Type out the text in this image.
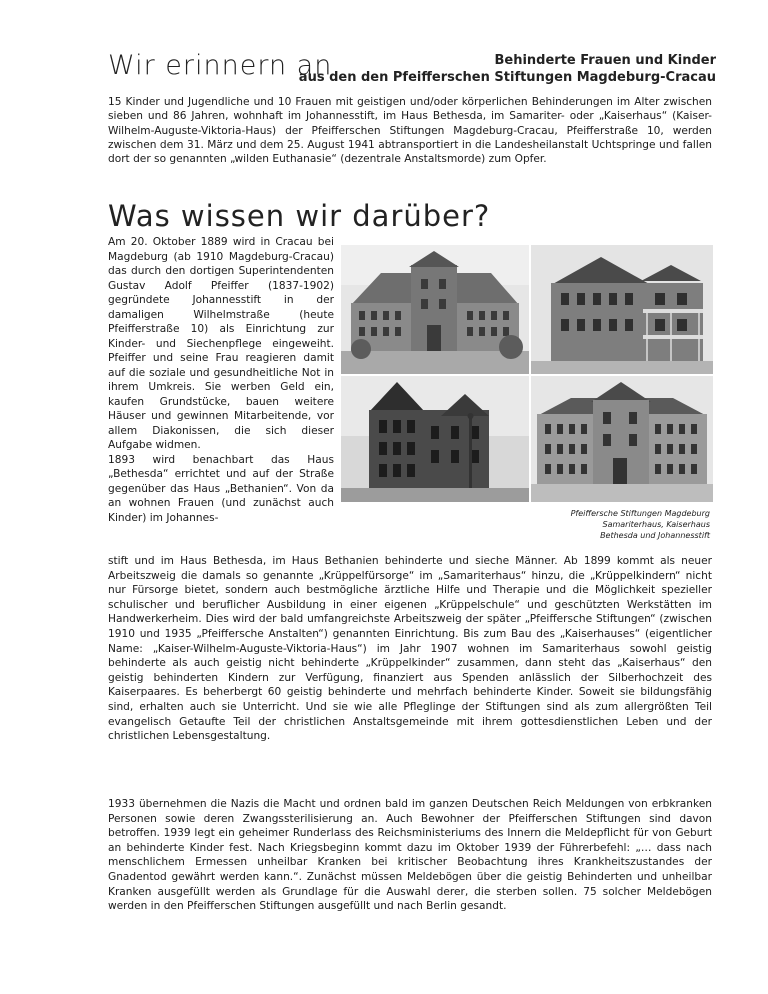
Wir erinnern an	Behinderte Frauen und Kinder
aus den den Pfeifferschen Stiftungen Magdeburg-Cracau
15 Kinder und Jugendliche und 10 Frauen mit geistigen und/oder körperlichen Behinderungen im Alter zwischen sieben und 86 Jahren, wohnhaft im Johannesstift, im Haus Bethesda, im Samariter- oder „Kaiserhaus“ (Kaiser-Wilhelm-Auguste-Viktoria-Haus) der Pfeifferschen Stiftungen Magdeburg-Cracau, Pfeifferstraße 10, werden zwischen dem 31. März und dem 25. August 1941 abtransportiert in die Landesheilanstalt Uchtspringe und fallen dort der so genannten „wilden Euthanasie“ (dezentrale Anstaltsmorde) zum Opfer.
Was wissen wir darüber?

Am 20. Oktober 1889 wird in Cracau bei Magdeburg (ab 1910 Magdeburg-Cracau) das durch den dortigen Superintendenten Gustav Adolf Pfeiffer (1837-1902) gegründete Johannesstift in der damaligen Wilhelmstraße (heute Pfeifferstraße 10) als Einrichtung zur Kinder- und Siechenpflege eingeweiht. Pfeiffer und seine Frau reagieren damit auf die soziale und gesundheitliche Not in ihrem Umkreis. Sie werben Geld ein, kaufen Grundstücke, bauen weitere Häuser und gewinnen Mitarbeitende, vor allem Diakonissen, die sich dieser Aufgabe widmen.

1893 wird benachbart das Haus „Bethesda“ errichtet und auf der Straße gegenüber das Haus „Bethanien“. Von da an wohnen Frauen (und zunächst auch Kinder) im Johannes-	Pfeiffersche Stiftungen Magdeburg
Samariterhaus, Kaiserhaus
Bethesda und Johannesstift

stift und im Haus Bethesda, im Haus Bethanien behinderte und sieche Männer. Ab 1899 kommt als neuer Arbeitszweig die damals so genannte „Krüppelfürsorge“ im „Samariterhaus“ hinzu, die „Krüppelkindern“ nicht nur Fürsorge bietet, sondern auch bestmögliche ärztliche Hilfe und Therapie und die Möglichkeit spezieller schulischer und beruflicher Ausbildung in einer eigenen „Krüppelschule“ und geschützten Werkstätten im Handwerkerheim. Dies wird der bald umfangreichste Arbeitszweig der später „Pfeiffersche Stiftungen“ (zwischen 1910 und 1935 „Pfeiffersche Anstalten“) genannten Einrichtung. Bis zum Bau des „Kaiserhauses“ (eigentlicher Name: „Kaiser-Wilhelm-Auguste-Viktoria-Haus“) im Jahr 1907 wohnen im Samariterhaus sowohl geistig behinderte als auch geistig nicht behinderte „Krüppelkinder“ zusammen, dann steht das „Kaiserhaus“ den geistig behinderten Kindern zur Verfügung, finanziert aus Spenden anlässlich der Silberhochzeit des Kaiserpaares. Es beherbergt 60 geistig behinderte und mehrfach behinderte Kinder. Soweit sie bildungsfähig sind, erhalten auch sie Unterricht. Und sie wie alle Pfleglinge der Stiftungen sind als zum allergrößten Teil evangelisch Getaufte Teil der christlichen Anstaltsgemeinde mit ihrem gottesdienstlichen Leben und der christlichen Lebensgestaltung.

1933 übernehmen die Nazis die Macht und ordnen bald im ganzen Deutschen Reich Meldungen von erbkranken Personen sowie deren Zwangssterilisierung an. Auch Bewohner der Pfeifferschen Stiftungen sind davon betroffen. 1939 legt ein geheimer Runderlass des Reichsministeriums des Innern die Meldepflicht für von Geburt an behinderte Kinder fest. Nach Kriegsbeginn kommt dazu im Oktober 1939 der Führerbefehl: „… dass nach menschlichem Ermessen unheilbar Kranken bei kritischer Beobachtung ihres Krankheitszustandes der Gnadentod gewährt werden kann.“. Zunächst müssen Meldebögen über die geistig Behinderten und unheilbar Kranken ausgefüllt werden als Grundlage für die Auswahl derer, die sterben sollen. 75 solcher Meldebögen werden in den Pfeifferschen Stiftungen ausgefüllt und nach Berlin gesandt.
